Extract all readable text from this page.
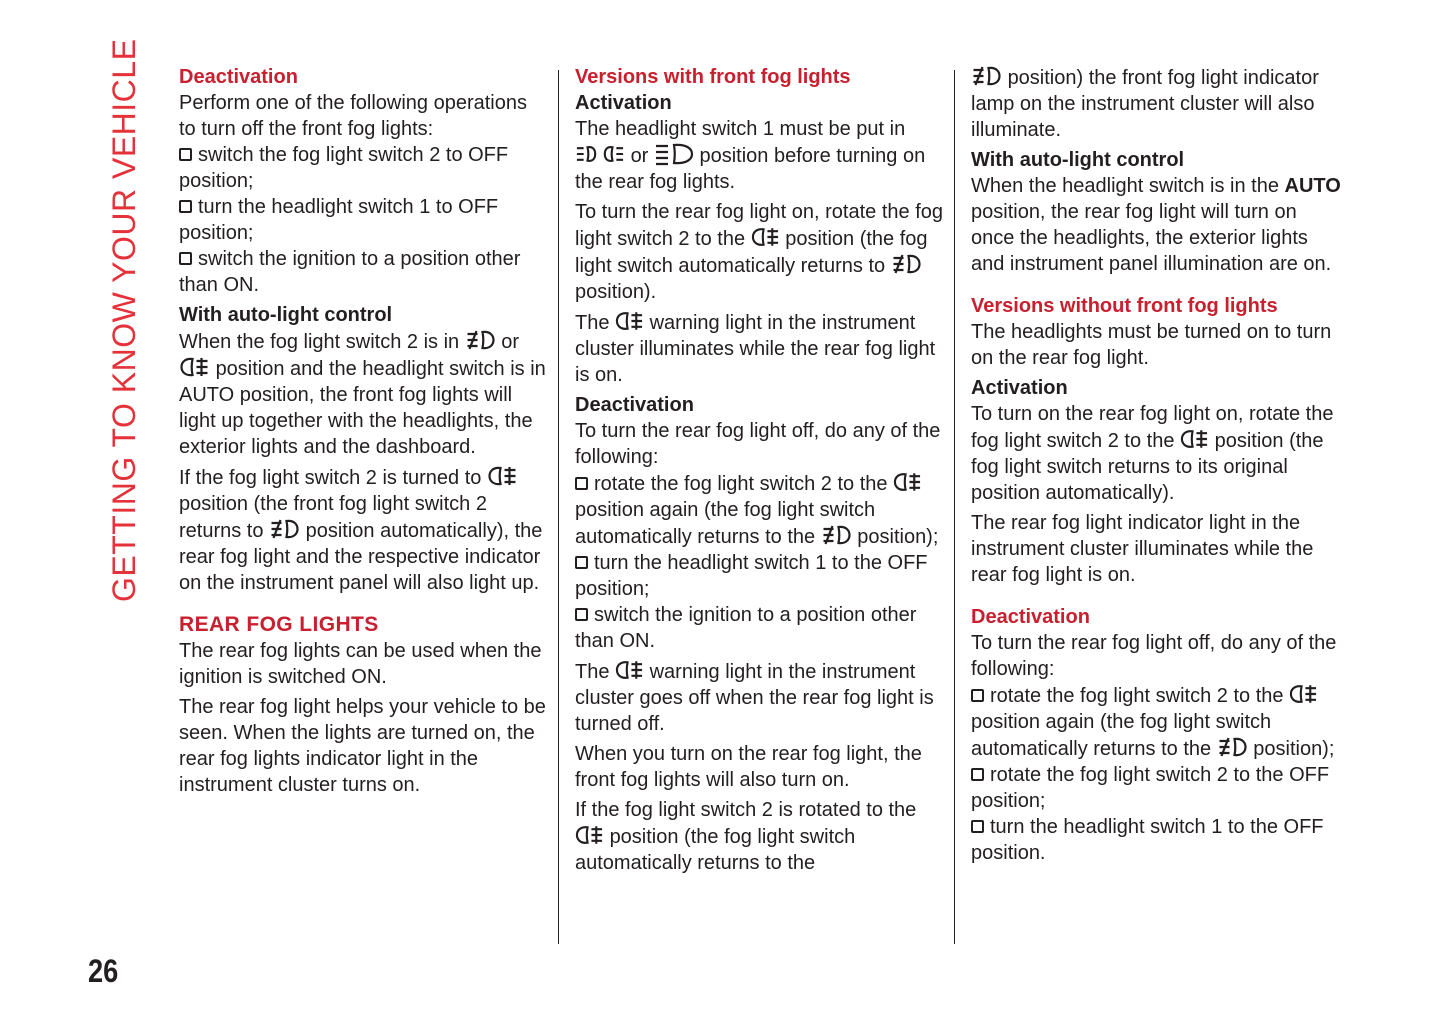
GETTING TO KNOW YOUR VEHICLE Deactivation

Perform one of the following operations to turn off the front fog lights:

switch the fog light switch 2 to OFF position;

turn the headlight switch 1 to OFF position;

switch the ignition to a position other than ON.

With auto-light control

When the fog light switch 2 is in or  position and the headlight switch is in AUTO position, the front fog lights will light up together with the headlights, the exterior lights and the dashboard.

If the fog light switch 2 is turned to  position (the front fog light switch 2 returns to position automatically), the rear fog light and the respective indicator on the instrument panel will also light up.

REAR FOG LIGHTS

The rear fog lights can be used when the ignition is switched ON.

The rear fog light helps your vehicle to be seen. When the lights are turned on, the rear fog lights indicator light in the instrument cluster turns on.

Versions with front fog lights
Activation

The headlight switch 1 must be put in  or	position before turning on the rear fog lights.

To turn the rear fog light on, rotate the fog light switch 2 to the position (the fog light switch automatically returns to  position).

The warning light in the instrument cluster illuminates while the rear fog light is on.

Deactivation

To turn the rear fog light off, do any of the following:

rotate the fog light switch 2 to the  position again (the fog light switch automatically returns to the position);

turn the headlight switch 1 to the OFF position;

switch the ignition to a position other than ON.

The warning light in the instrument cluster goes off when the rear fog light is turned off.

When you turn on the rear fog light, the front fog lights will also turn on.

If the fog light switch 2 is rotated to the  position (the fog light switch automatically returns to the

position) the front fog light indicator lamp on the instrument cluster will also illuminate.

With auto-light control

When the headlight switch is in the AUTO position, the rear fog light will turn on once the headlights, the exterior lights and instrument panel illumination are on.

Versions without front fog lights

The headlights must be turned on to turn on the rear fog light.

Activation

To turn on the rear fog light on, rotate the fog light switch 2 to the position (the fog light switch returns to its original position automatically).

The rear fog light indicator light in the instrument cluster illuminates while the rear fog light is on.

Deactivation

To turn the rear fog light off, do any of the following:

rotate the fog light switch 2 to the  position again (the fog light switch automatically returns to the position);

rotate the fog light switch 2 to the OFF position;

turn the headlight switch 1 to the OFF position.

26
